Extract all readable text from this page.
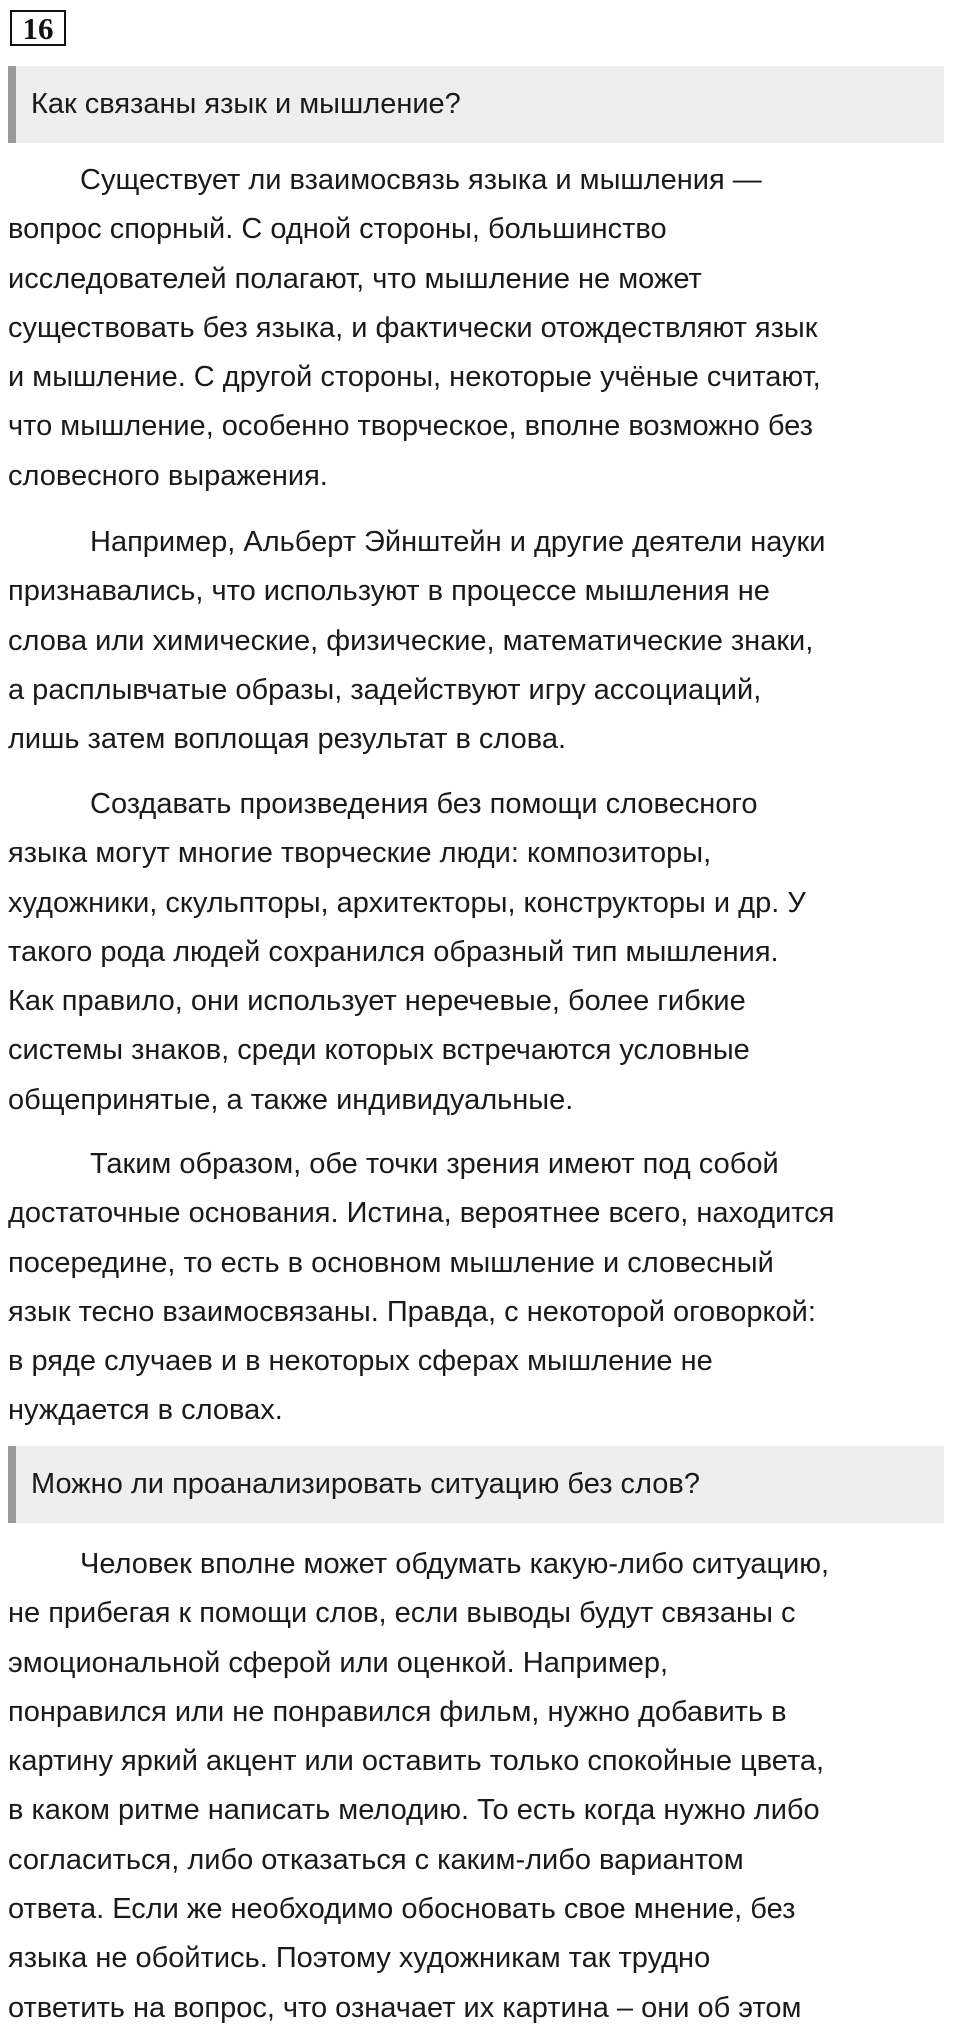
16
Как связаны язык и мышление?

Существует ли взаимосвязь языка и мышления —
вопрос спорный. С одной стороны, большинство
исследователей полагают, что мышление не может
существовать без языка, и фактически отождествляют язык
и мышление. С другой стороны, некоторые учёные считают,
что мышление, особенно творческое, вполне возможно без
словесного выражения.

Например, Альберт Эйнштейн и другие деятели науки
признавались, что используют в процессе мышления не
слова или химические, физические, математические знаки,
а расплывчатые образы, задействуют игру ассоциаций,
лишь затем воплощая результат в слова.

Создавать произведения без помощи словесного
языка могут многие творческие люди: композиторы,
художники, скульпторы, архитекторы, конструкторы и др. У
такого рода людей сохранился образный тип мышления.
Как правило, они использует неречевые, более гибкие
системы знаков, среди которых встречаются условные
общепринятые, а также индивидуальные.

Таким образом, обе точки зрения имеют под собой
достаточные основания. Истина, вероятнее всего, находится
посередине, то есть в основном мышление и словесный
язык тесно взаимосвязаны. Правда, с некоторой оговоркой:
в ряде случаев и в некоторых сферах мышление не
нуждается в словах.

Можно ли проанализировать ситуацию без слов?

Человек вполне может обдумать какую-либо ситуацию,
не прибегая к помощи слов, если выводы будут связаны с
эмоциональной сферой или оценкой. Например,
понравился или не понравился фильм, нужно добавить в
картину яркий акцент или оставить только спокойные цвета,
в каком ритме написать мелодию. То есть когда нужно либо
согласиться, либо отказаться с каким-либо вариантом
ответа. Если же необходимо обосновать свое мнение, без
языка не обойтись. Поэтому художникам так трудно
ответить на вопрос, что означает их картина – они об этом
